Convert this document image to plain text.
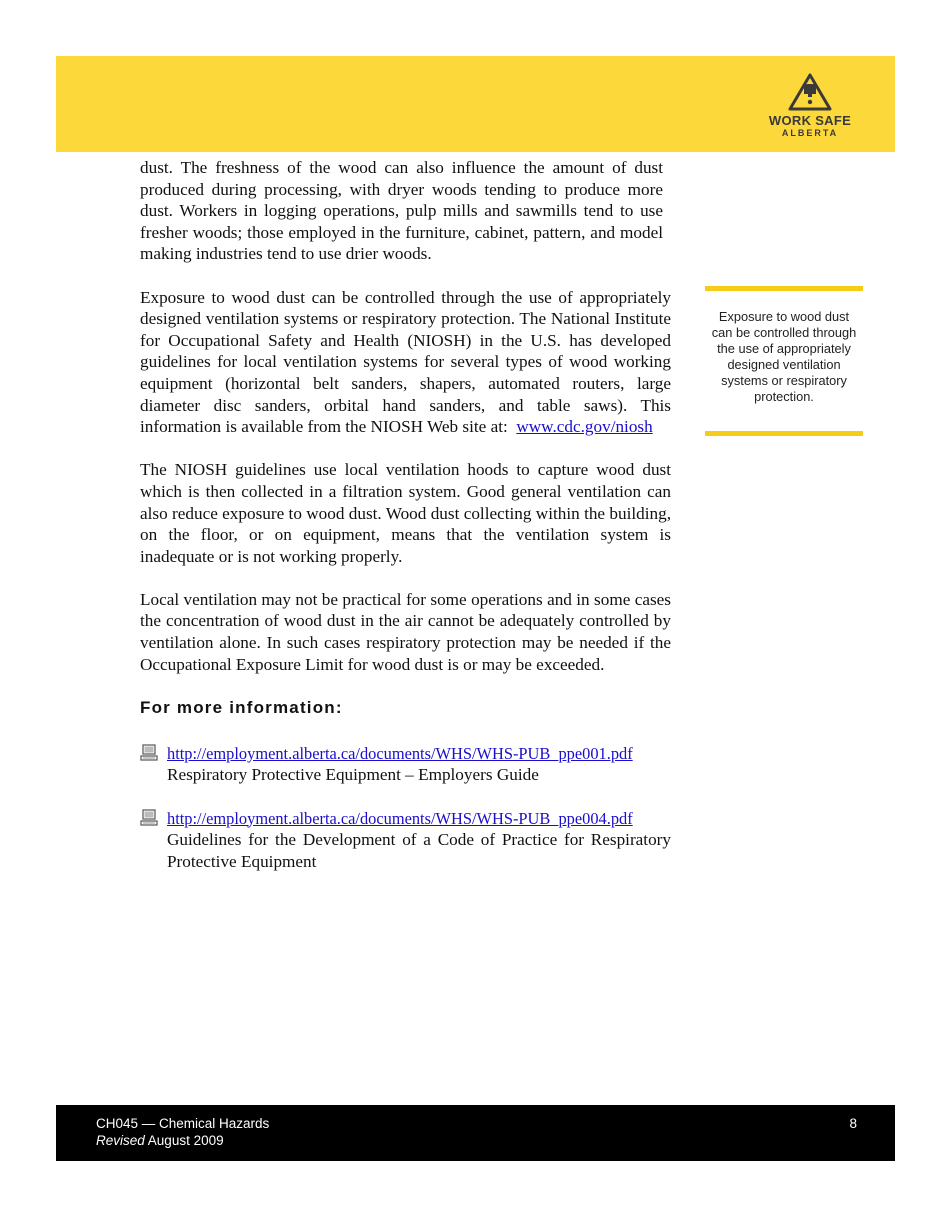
WORK SAFE
ALBERTA

dust. The freshness of the wood can also influence the amount of dust produced during processing, with dryer woods tending to produce more dust. Workers in logging operations, pulp mills and sawmills tend to use fresher woods; those employed in the furniture, cabinet, pattern, and model making industries tend to use drier woods.

Exposure to wood dust can be controlled through the use of appropriately designed ventilation systems or respiratory protection. The National Institute for Occupational Safety and Health (NIOSH) in the U.S. has developed guidelines for local ventilation systems for several types of wood working equipment (horizontal belt sanders, shapers, automated routers, large diameter disc sanders, orbital hand sanders, and table saws). This information is available from the NIOSH Web site at: www.cdc.gov/niosh

The NIOSH guidelines use local ventilation hoods to capture wood dust which is then collected in a filtration system. Good general ventilation can also reduce exposure to wood dust. Wood dust collecting within the building, on the floor, or on equipment, means that the ventilation system is inadequate or is not working properly.

Local ventilation may not be practical for some operations and in some cases the concentration of wood dust in the air cannot be adequately controlled by ventilation alone. In such cases respiratory protection may be needed if the Occupational Exposure Limit for wood dust is or may be exceeded.

For more information:
http://employment.alberta.ca/documents/WHS/WHS-PUB_ppe001.pdf
Respiratory Protective Equipment – Employers Guide
http://employment.alberta.ca/documents/WHS/WHS-PUB_ppe004.pdf
Guidelines for the Development of a Code of Practice for Respiratory Protective Equipment
Exposure to wood dust can be controlled through the use of appropriately designed ventilation systems or respiratory protection.
CH045 — Chemical Hazards
Revised August 2009
8
